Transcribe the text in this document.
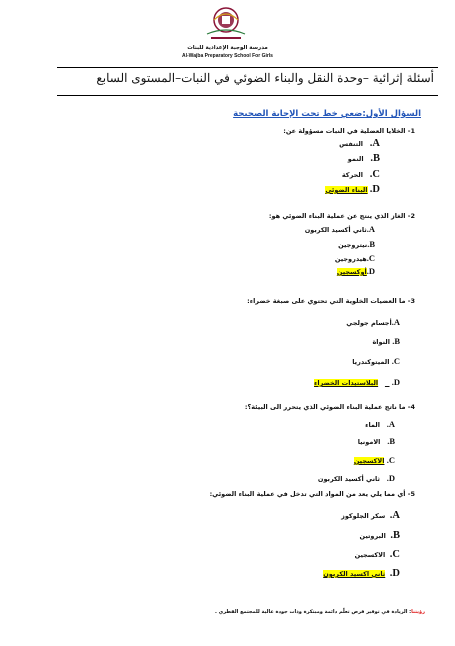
مدرسة الوجبة الإعدادية للبنات
Al-Wajba Preparatory School For Girls
أسئلة إثرائية –وحدة النقل والبناء الضوئي في النبات–المستوى السابع
السؤال الأول:ضعي خط تحت الإجابة الصحيحة
1- الخلايا العضلية في النبات مسؤولة عن:
A.   التنفس
B.   النمو
C.   الحركة
D. البناء الضوئي
2- الغاز الذي ينتج عن عملية البناء الضوئي هو:
A.ثاني أكسيد الكربون
B.نيتروجين
C.هيدروجين
D.أوكسجين
3- ما العضيات الخلوية التي تحتوي على صبغة خضراء:
A.أجسام جولجي
B. النواة
C. الميتوكندريا
D.      البلاستيدات الخضراء
4- ما ناتج عملية البناء الضوئي الذي يتحرر الى البيئة؟:
A.   الماء
B.   الامونيا
C. الاكسجين
D.   ثاني أكسيد الكربون
5- أي مما يلي يعد من المواد التي تدخل في عملية البناء الضوئي:
A.  سكر الجلوكوز
B.  البروتين
C.  الاكسجين
D.  ثاني اكسيد الكربون
رؤيتنا: الريادة في توفير فرص تعلّم دائمة ومبتكرة وذات جودة عالية للمجتمع القطري .
